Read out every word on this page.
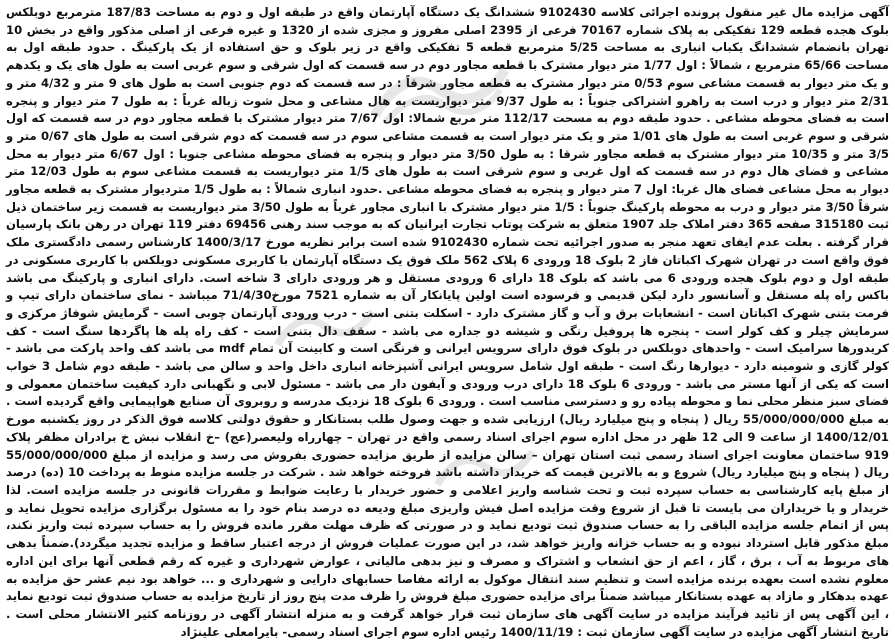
آگهی مزایده مال غیر منقول پرونده اجرائی کلاسه 9102430 ششدانگ یک دستگاه آپارتمان واقع در طبقه اول و دوم به مساحت 187/83 مترمربع دوبلکس بلوک هجده قطعه 129 تفکیکی به پلاک شماره 70167 فرعی از 2395 اصلی مفروز و مجزی شده از 1320 و غیره فرعی از اصلی مذکور واقع در بخش 10 تهران بانضمام ششدانگ یکباب انباری به مساحت 5/25 مترمربع قطعه 5 تفکیکی واقع در زیر بلوک و حق استفاده از یک پارکینگ . حدود طبقه اول به مساحت 65/66 مترمربع ، شمالاً : اول 1/77 متر دیوار مشترک با قطعه مجاور دوم در سه قسمت که اول شرقی و سوم غربی است به طول های یک و یکدهم و یک متر دیوار به قسمت مشاعی سوم 0/53 متر دیوار مشترک به قطعه مجاور شرقاً : در سه قسمت که دوم جنوبی است به طول های 9 متر و 4/32 متر و 2/31 متر دیوار و درب است به راهرو اشتراکی جنوباً : به طول 9/37 متر دیواریست به هال مشاعی و محل شوت زباله غرباً : به طول 7 متر دیوار و پنجره است به فضای محوطه مشاعی . حدود طبقه دوم به مسحت 112/17 متر مربع شمالا: اول 7/67 متر دیوار مشترک با قطعه مجاور دوم در سه قسمت که اول شرقی و سوم غربی است به طول های 1/01 متر و یک متر دیوار است به قسمت مشاعی سوم در سه قسمت که دوم شرقی است به طول های 0/67 متر و 3/5 متر و 10/35 متر دیوار مشترک به قطعه مجاور شرقا : به طول 3/50 متر دیوار و پنجره به فضای محوطه مشاعی جنوبا : اول 6/67 متر دیوار به محل مشاعی و فضای هال دوم در سه قسمت که اول غربی و سوم شرقی است به طول های 1/5 متر دیواریست به قسمت مشاعی سوم به طول 12/03 متر دیوار به محل مشاعی فضای هال غربا: اول 7 متر دیوار و پنجره به فضای محوطه مشاعی .حدود انباری شمالاً : به طول 1/5 متردیوار مشترک به قطعه مجاور شرقاً 3/50 متر دیوار و درب به محوطه پارکینگ جنوباً : 1/5 متر دیوار مشترک با انباری مجاور غرباً به طول 3/50 متر دیواریست به قسمت زیر ساختمان ذیل ثبت 315180 صفحه 365 دفتر املاک جلد 1907 متعلق به شرکت پوتاب تجارت ایرانیان که به موجب سند رهنی 69456 دفتر 119 تهران در رهن بانک پارسیان قرار گرفته . بعلت عدم ایفای تعهد منجر به صدور اجرائیه تحت شماره 9102430 شده است برابر نظریه مورخ 1400/3/17 کارشناس رسمی دادگستری ملک فوق واقع است در تهران شهرک اکباتان فاز 2 بلوک 18 ورودی 6 پلاک 562 ملک فوق یک دستگاه آپارتمان با کاربری مسکونی دوبلکس با کاربری مسکونی در طبقه اول و دوم بلوک هجده ورودی 6 می باشد که بلوک 18 دارای 6 ورودی مستقل و هر ورودی دارای 3 شاخه است. دارای انباری و پارکینگ می باشد باکس راه پله مستقل و آسانسور دارد لیکن قدیمی و فرسوده است اولین پایانکار آن به شماره 7521 مورخ71/4/30 میباشد - نمای ساختمان دارای تیپ و فرمت بتنی شهرک اکباتان است - انشعابات برق و آب و گاز مشترک دارد - اسکلت بتنی است - درب ورودی آپارتمان چوبی است - گرمایش شوفاژ مرکزی و سرمایش چیلر و کف کولر است - پنجره ها پروفیل رنگی و شیشه دو جداره می باشد - سقف دال بتنی است - کف راه پله ها پاگردها سنگ است - کف کریدورها سرامیک است - واحدهای دوبلکس در بلوک فوق دارای سرویس ایرانی و فرنگی است و کابینت آن تمام mdf می باشد کف واحد پارکت می باشد - کولر گازی و شومینه دارد - دیوارها رنگ است - طبقه اول شامل سرویس ایرانی آشپزخانه انباری داخل واحد و سالن می باشد - طبقه دوم شامل 3 خواب است که یکی از آنها مستر می باشد - ورودی 6 بلوک 18 دارای درب ورودی و آیفون دار می باشد - مسئول لابی و نگهبانی دارد کیفیت ساختمان معمولی و فضای سبز منظر محلی نما و محوطه پیاده رو و دسترسی مناسب است . ورودی 6 بلوک 18 نزدیک مدرسه و روبروی آن صنایع هواپیمایی واقع گردیده است . به مبلغ 55/000/000/000 ریال ( پنجاه و پنج میلیارد ریال) ارزیابی شده و جهت وصول طلب بستانکار و حقوق دولتی کلاسه فوق الذکر در روز یکشنبه مورخ 1400/12/01 از ساعت 9 الی 12 ظهر در محل اداره سوم اجرای اسناد رسمی واقع در تهران – چهارراه ولیعصر(عج) –خ انقلاب نبش خ برادران مظفر پلاک 919 ساختمان معاونت اجرای اسناد رسمی ثبت استان تهران – سالن مزایده از طریق مزایده حضوری بفروش می رسد و مزایده از مبلغ 55/000/000/000 ریال ( پنجاه و پنج میلیارد ریال) شروع و به بالاترین قیمت که خریدار داشته باشد فروخته خواهد شد . شرکت در جلسه مزایده منوط به پرداخت 10 (ده) درصد از مبلغ پایه کارشناسی به حساب سپرده ثبت و تحت شناسه واریز اعلامی و حضور خریدار با رعایت ضوابط و مقررات قانونی در جلسه مزایده است. لذا خریدار و یا خریداران می بایست تا قبل از شروع وقت مزایده اصل فیش واریزی مبلغ ودیعه ده درصد بنام خود را به مسئول برگزاری مزایده تحویل نماید و پس از اتمام جلسه مزایده الباقی را به حساب صندوق ثبت تودیع نماید و در صورتی که ظرف مهلت مقرر مانده فروش را به حساب سپرده ثبت واریز نکند، مبلغ مذکور قابل استرداد نبوده و به حساب خزانه واریز خواهد شد، در این صورت عملیات فروش از درجه اعتبار ساقط و مزایده تجدید میگردد).ضمناً بدهی های مربوط به آب ، برق ، گاز ، اعم از حق انشعاب و اشتراک و مصرف و نیز بدهی مالیاتی ، عوارض شهرداری و غیره که رقم قطعی آنها برای این اداره معلوم نشده است بعهده برنده مزایده است و تنظیم سند انتقال موکول به ارائه مفاصا حسابهای دارایی و شهرداری و ... خواهد بود نیم عشر حق مزایده به عهده بدهکار و مازاد به عهده بستانکار میباشد ضمناً برای مزایده حضوری مبلغ فروش را ظرف مدت پنج روز از تاریخ مزایده به حساب صندوق ثبت تودیع نماید ، این آگهی پس از تائید فرآیند مزایده در سایت آگهی های سازمان ثبت قرار خواهد گرفت و به منزله انتشار آگهی در روزنامه کثیر الانتشار محلی است . تاریخ انتشار آگهی مزایده در سایت آگهی سازمان ثبت : 1400/11/19 رئیس اداره سوم اجرای اسناد رسمی- بایرامعلی علینژاد
